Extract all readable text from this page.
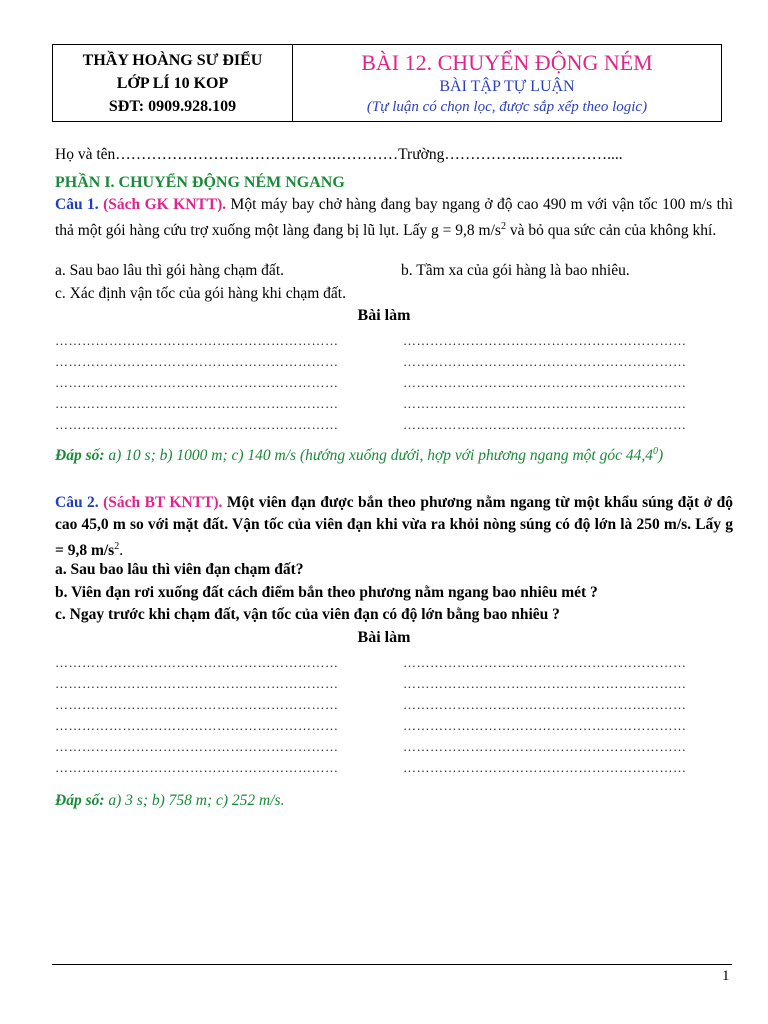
THẦY HOÀNG SƯ ĐIỂU
LỚP LÍ 10 KOP
SĐT: 0909.928.109
BÀI 12. CHUYỂN ĐỘNG NÉM
BÀI TẬP TỰ LUẬN
(Tự luận có chọn lọc, được sắp xếp theo logic)
Họ và tên…………………………………….…………Trường……………..……………....
PHẦN I. CHUYỂN ĐỘNG NÉM NGANG
Câu 1. (Sách GK KNTT). Một máy bay chở hàng đang bay ngang ở độ cao 490 m với vận tốc 100 m/s thì thả một gói hàng cứu trợ xuống một làng đang bị lũ lụt. Lấy g = 9,8 $m/s^2$ và bỏ qua sức cản của không khí.
a. Sau bao lâu thì gói hàng chạm đất.	b. Tầm xa của gói hàng là bao nhiêu.
c. Xác định vận tốc của gói hàng khi chạm đất.
Bài làm
………………………………………………………	………………………………………………………
………………………………………………………	………………………………………………………
………………………………………………………	………………………………………………………
………………………………………………………	………………………………………………………
………………………………………………………	………………………………………………………
Đáp số: a) 10 s; b) 1000 m; c) 140 m/s (hướng xuống dưới, hợp với phương ngang một góc 44,4$^0$)
Câu 2. (Sách BT KNTT). Một viên đạn được bắn theo phương nằm ngang từ một khẩu súng đặt ở độ cao 45,0 m so với mặt đất. Vận tốc của viên đạn khi vừa ra khỏi nòng súng có độ lớn là 250 m/s. Lấy g = 9,8 $m/s^2$.
a. Sau bao lâu thì viên đạn chạm đất?
b. Viên đạn rơi xuống đất cách điểm bắn theo phương nằm ngang bao nhiêu mét ?
c. Ngay trước khi chạm đất, vận tốc của viên đạn có độ lớn bằng bao nhiêu ?
Bài làm
………………………………………………………	………………………………………………………
………………………………………………………	………………………………………………………
………………………………………………………	………………………………………………………
………………………………………………………	………………………………………………………
………………………………………………………	………………………………………………………
………………………………………………………	………………………………………………………
Đáp số: a) 3 s; b) 758 m; c) 252 m/s.
1
